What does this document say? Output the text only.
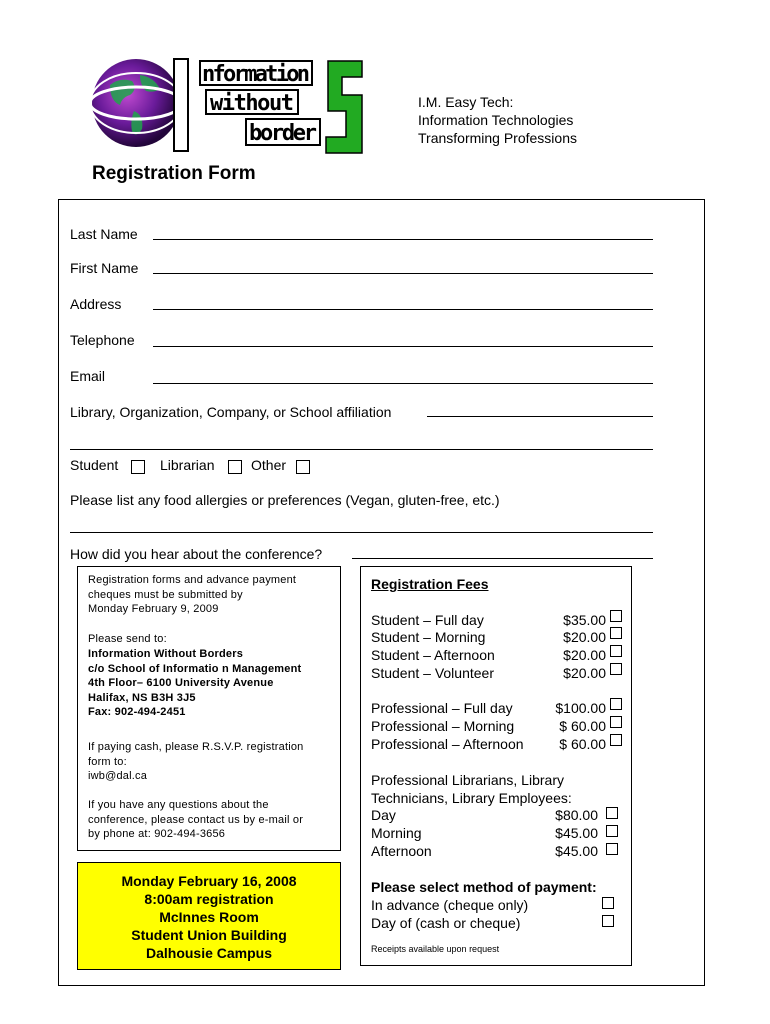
I
nformation
without
border
I.M. Easy Tech:
Information Technologies
Transforming Professions
Registration Form
Last Name
First Name
Address
Telephone
Email
Library, Organization, Company, or School affiliation
Student	Librarian	Other
Please list any food allergies or preferences (Vegan, gluten-free, etc.)
How did you hear about the conference?
Registration forms and advance payment
cheques must be submitted by
Monday February 9, 2009
Please send to:
Information Without Borders
c/o School of Informatio n Management
4th Floor– 6100 University Avenue
Halifax, NS B3H 3J5
Fax: 902-494-2451
If paying cash, please R.S.V.P. registration
form to:
iwb@dal.ca
If you have any questions about the
conference, please contact us by e-mail or
by phone at: 902-494-3656
Monday February 16, 2008
8:00am registration
McInnes Room
Student Union Building
Dalhousie Campus
Registration Fees
Student – Full day	$35.00
Student – Morning	$20.00
Student – Afternoon	$20.00
Student – Volunteer	$20.00
Professional – Full day	$100.00
Professional – Morning	$ 60.00
Professional – Afternoon	$ 60.00
Professional Librarians, Library
Technicians, Library Employees:
Day	$80.00
Morning	$45.00
Afternoon	$45.00
Please select method of payment:
In advance (cheque only)
Day of (cash or cheque)
Receipts available upon request
